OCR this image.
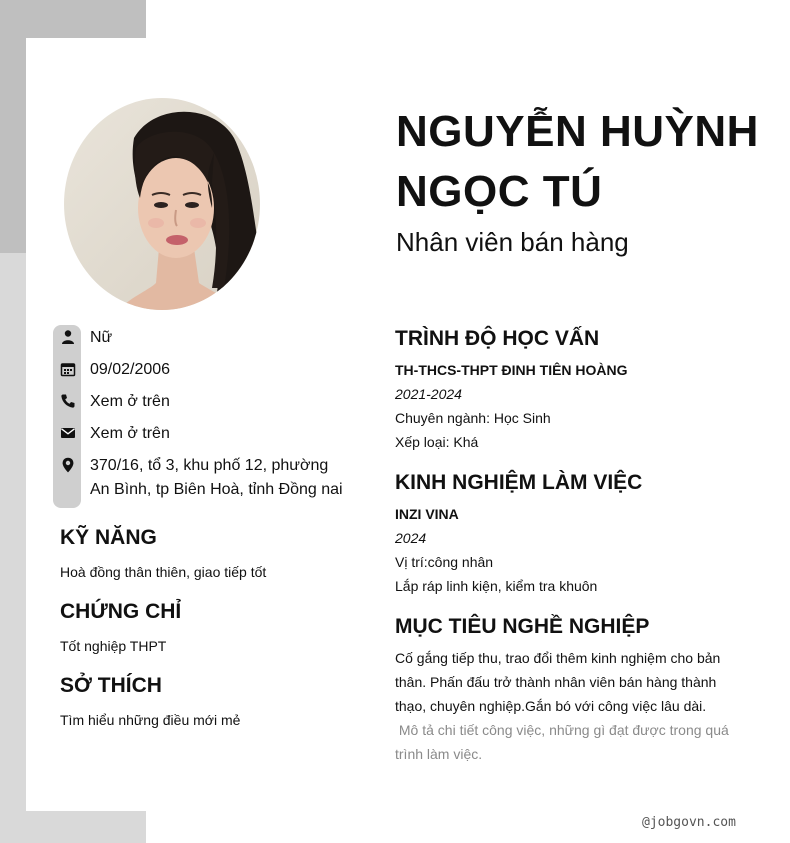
NGUYỄN HUỲNH
NGỌC TÚ
Nhân viên bán hàng
Nữ
09/02/2006
Xem ở trên
Xem ở trên
370/16, tổ 3, khu phố 12, phường
An Bình, tp Biên Hoà, tỉnh Đồng nai
KỸ NĂNG
Hoà đồng thân thiên, giao tiếp tốt
CHỨNG CHỈ
Tốt nghiệp THPT
SỞ THÍCH
Tìm hiểu những điều mới mẻ
TRÌNH ĐỘ HỌC VẤN
TH-THCS-THPT ĐINH TIÊN HOÀNG
2021-2024
Chuyên ngành: Học Sinh
Xếp loại: Khá
KINH NGHIỆM LÀM VIỆC
INZI VINA
2024
Vị trí:công nhân
Lắp ráp linh kiện, kiểm tra khuôn
MỤC TIÊU NGHỀ NGHIỆP
Cố gắng tiếp thu, trao đổi thêm kinh nghiệm cho bản
thân. Phấn đấu trở thành nhân viên bán hàng thành
thạo, chuyên nghiệp.Gắn bó với công việc lâu dài.
Mô tả chi tiết công việc, những gì đạt được trong quá
trình làm việc.
@jobgovn.com
